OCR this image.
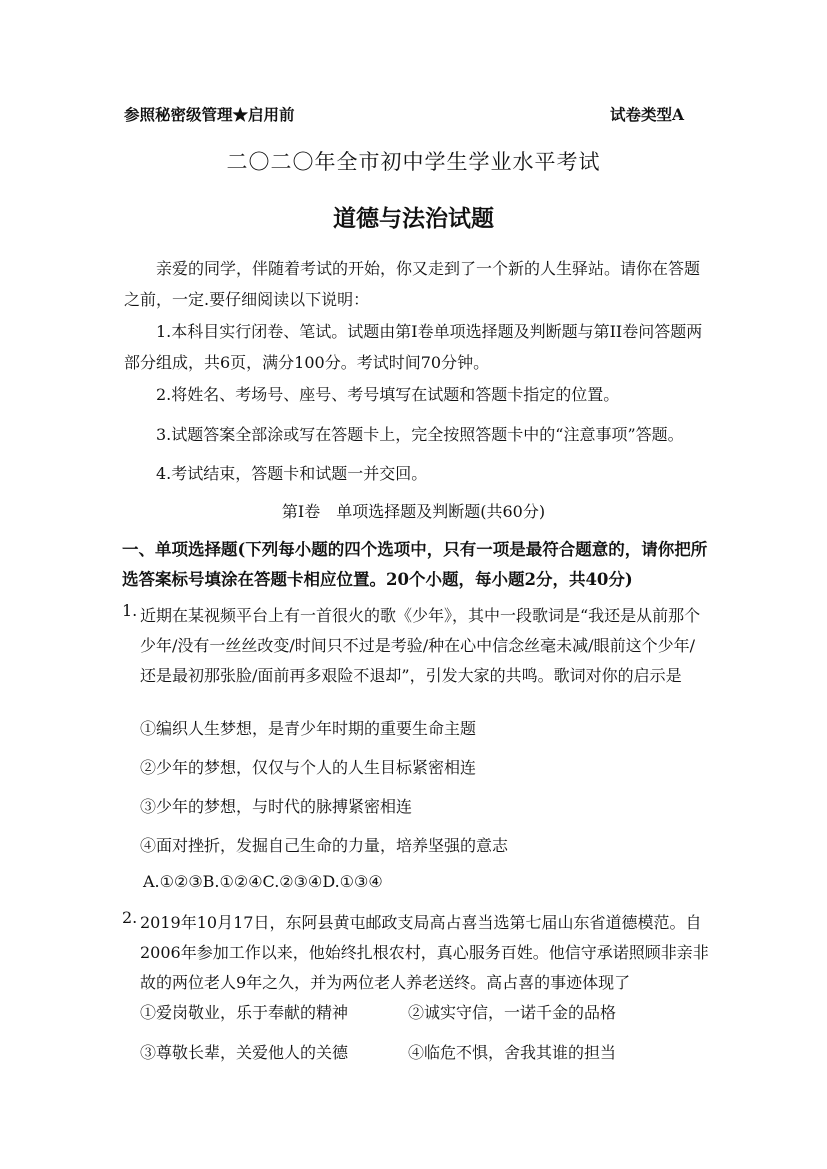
参照秘密级管理★启用前	试卷类型A
二〇二〇年全市初中学生学业水平考试
道德与法治试题
亲爱的同学，伴随着考试的开始，你又走到了一个新的人生驿站。请你在答题之前，一定.要仔细阅读以下说明：
1.本科目实行闭卷、笔试。试题由第I卷单项选择题及判断题与第II卷问答题两部分组成，共6页，满分100分。考试时间70分钟。
2.将姓名、考场号、座号、考号填写在试题和答题卡指定的位置。
3.试题答案全部涂或写在答题卡上，完全按照答题卡中的“注意事项”答题。
4.考试结束，答题卡和试题一并交回。
第I卷　单项选择题及判断题(共60分)
一、单项选择题(下列每小题的四个选项中，只有一项是最符合题意的，请你把所选答案标号填涂在答题卡相应位置。20个小题，每小题2分，共40分)
1. 近期在某视频平台上有一首很火的歌《少年》，其中一段歌词是“我还是从前那个少年/没有一丝丝改变/时间只不过是考验/种在心中信念丝毫未减/眼前这个少年/还是最初那张脸/面前再多艰险不退却”，引发大家的共鸣。歌词对你的启示是
①编织人生梦想，是青少年时期的重要生命主题
②少年的梦想，仅仅与个人的人生目标紧密相连
③少年的梦想，与时代的脉搏紧密相连
④面对挫折，发掘自己生命的力量，培养坚强的意志
A.①②③B.①②④C.②③④D.①③④
2. 2019年10月17日，东阿县黄屯邮政支局高占喜当选第七届山东省道德模范。自2006年参加工作以来，他始终扎根农村，真心服务百姓。他信守承诺照顾非亲非故的两位老人9年之久，并为两位老人养老送终。高占喜的事迹体现了
①爱岗敬业，乐于奉献的精神	②诚实守信，一诺千金的品格
③尊敬长辈，关爱他人的关德	④临危不惧，舍我其谁的担当
